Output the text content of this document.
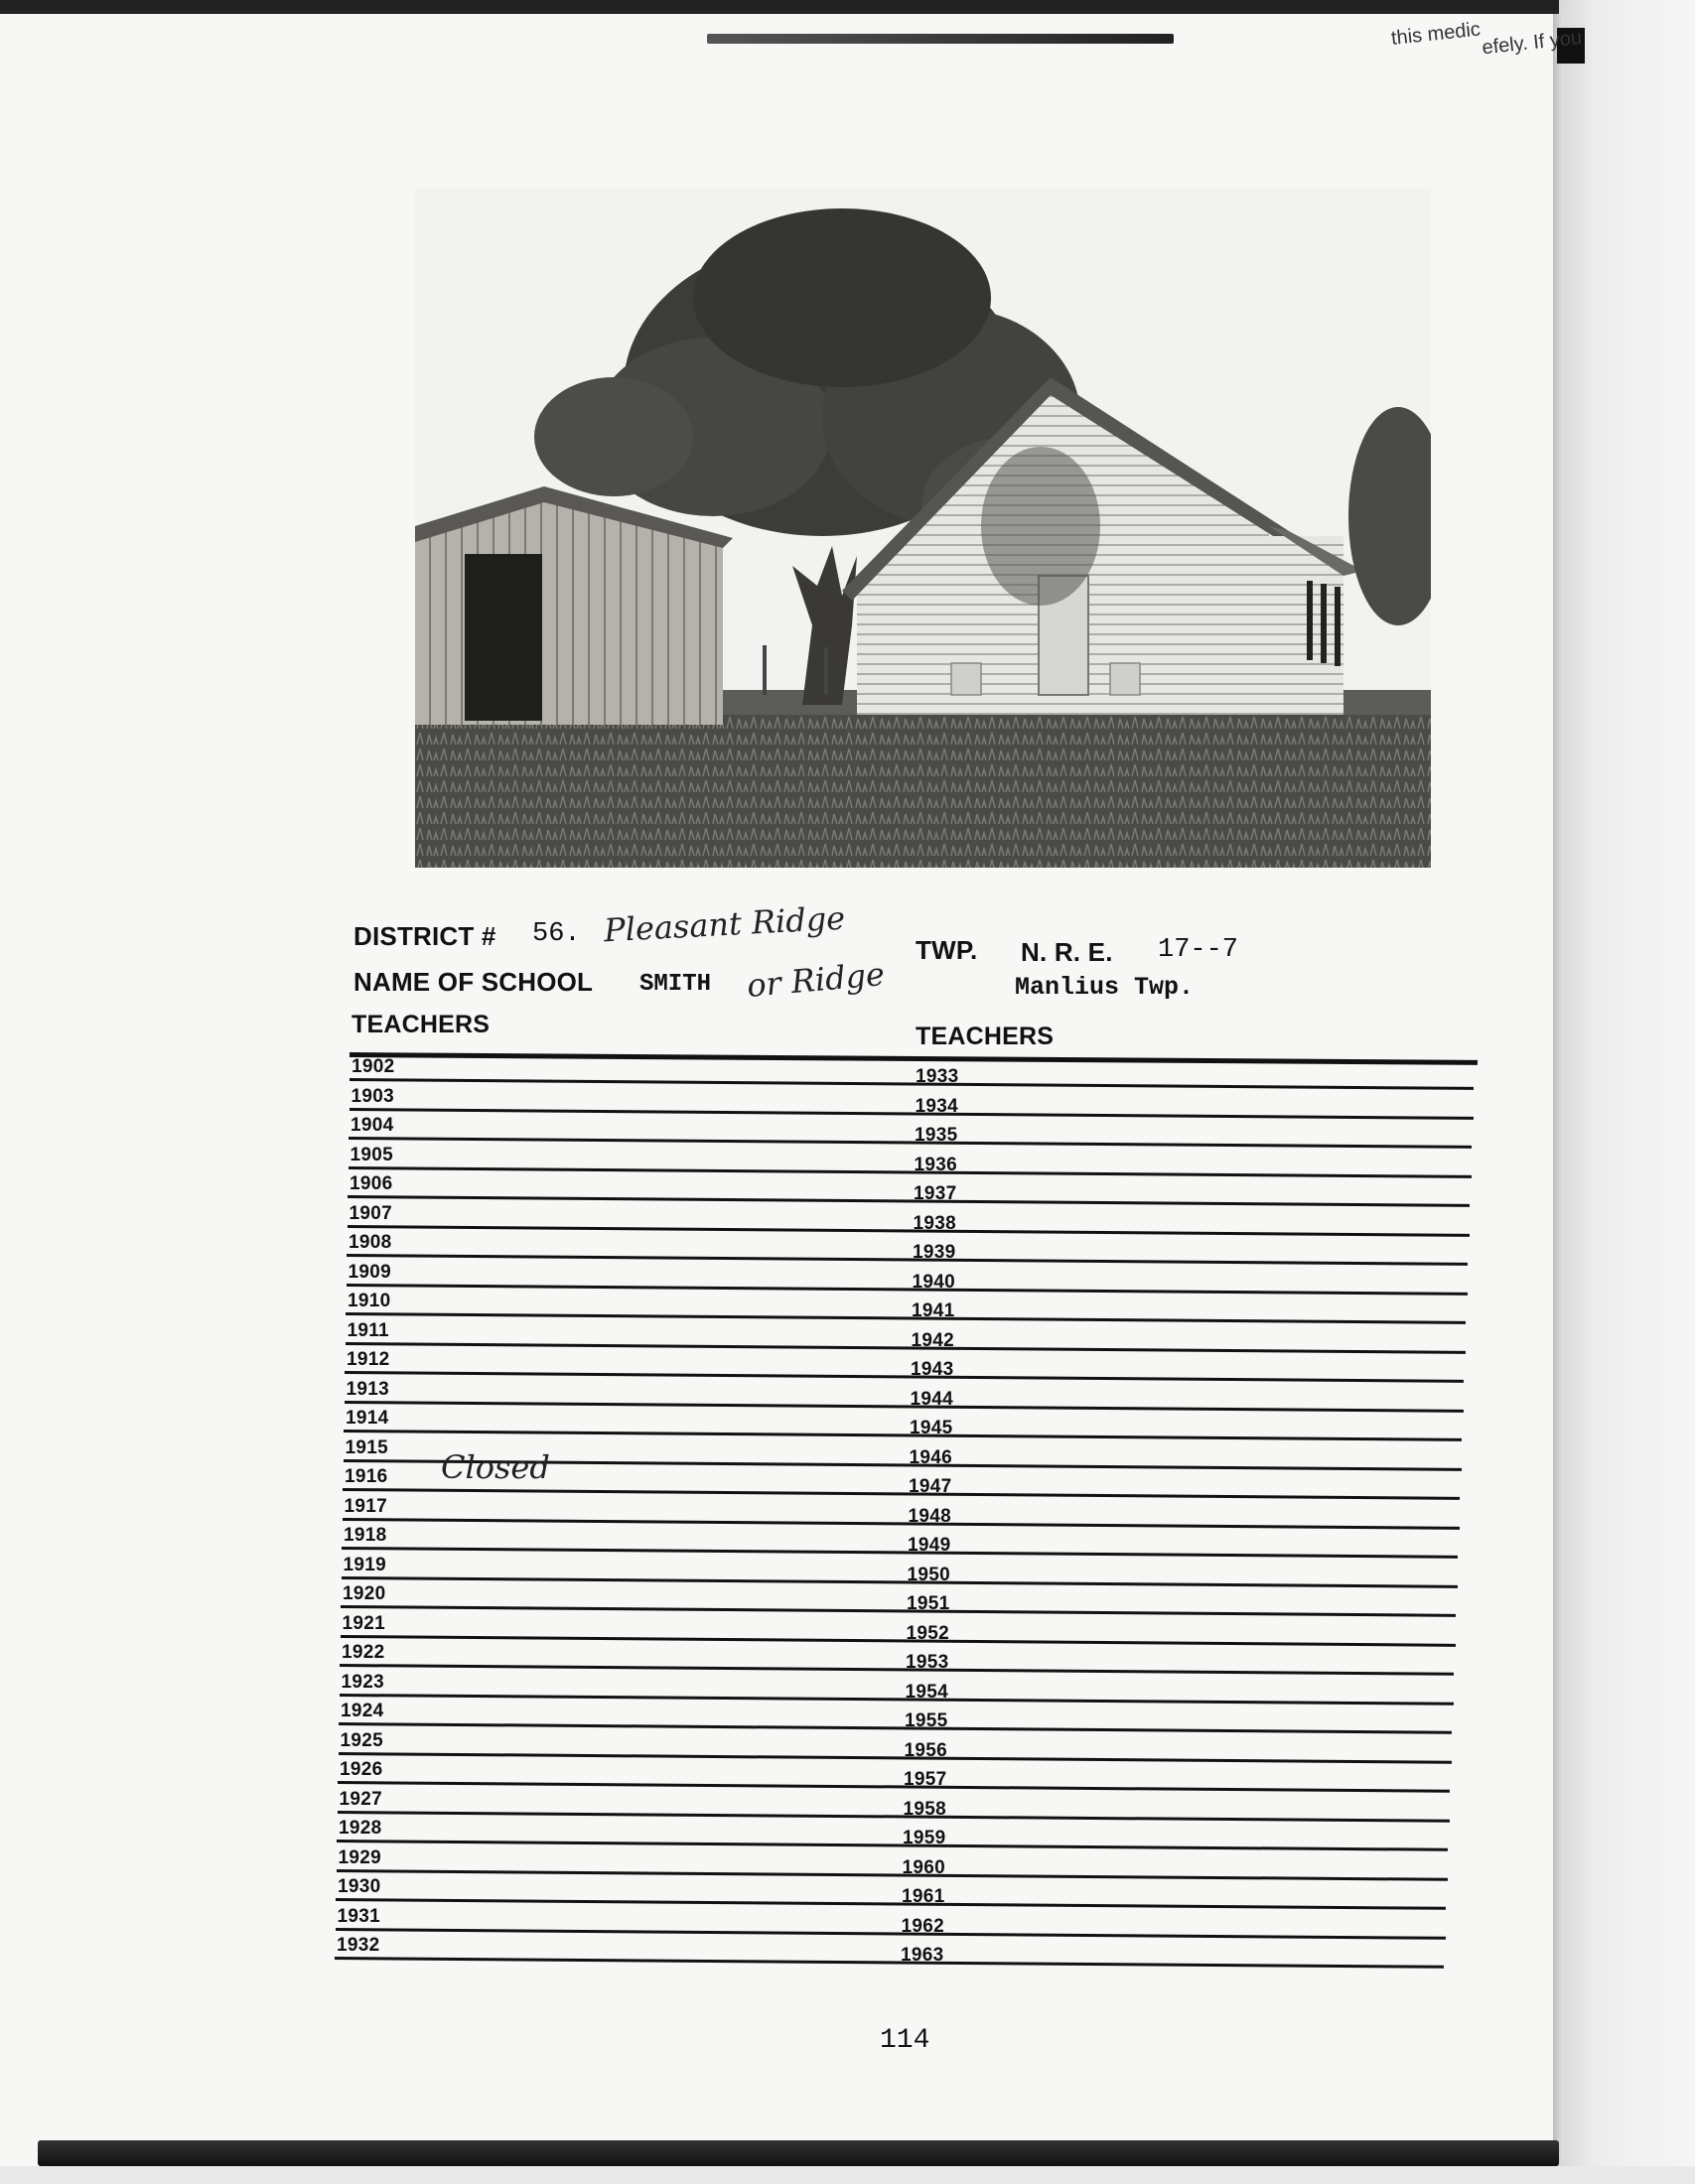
this medic efely. If you
DISTRICT # 56. Pleasant Ridge
NAME OF SCHOOL SMITH or Ridge
TWP. N. R. E. 17--7
Manlius Twp.
TEACHERS	TEACHERS
1902
1903
1904
1905
1906
1907
1908
1909
1910
1911
1912
1913
1914
1915
1916 Closed
1917
1918
1919
1920
1921
1922
1923
1924
1925
1926
1927
1928
1929
1930
1931
1932
1933
1934
1935
1936
1937
1938
1939
1940
1941
1942
1943
1944
1945
1946
1947
1948
1949
1950
1951
1952
1953
1954
1955
1956
1957
1958
1959
1960
1961
1962
1963
114
